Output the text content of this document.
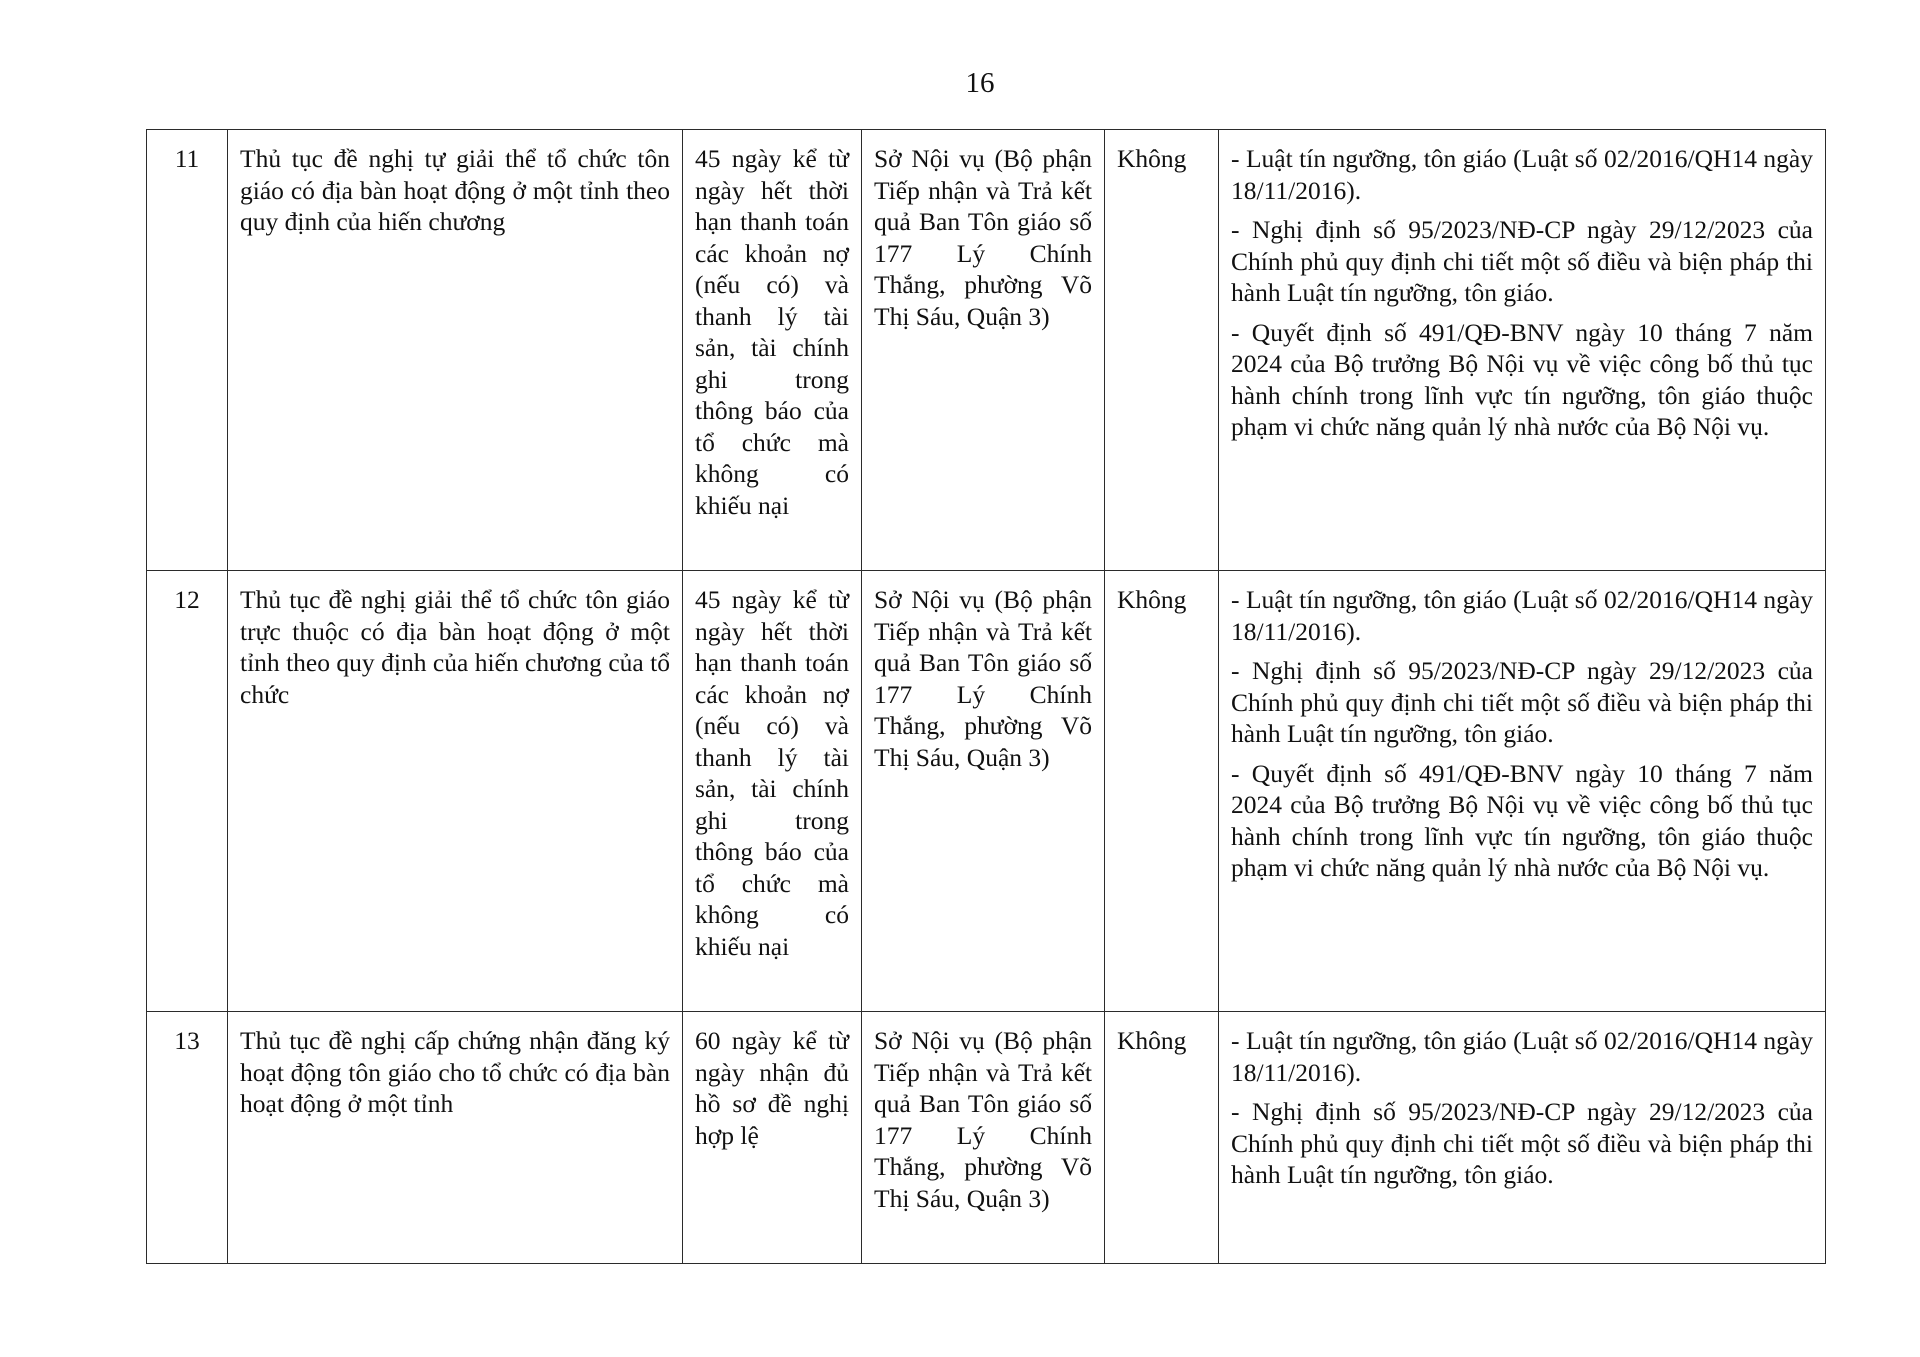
16
11	Thủ tục đề nghị tự giải thể tổ chức tôn giáo có địa bàn hoạt động ở một tỉnh theo quy định của hiến chương	45 ngày kể từ ngày hết thời hạn thanh toán các khoản nợ (nếu có) và thanh lý tài sản, tài chính ghi trong thông báo của tổ chức mà không có khiếu nại	Sở Nội vụ (Bộ phận Tiếp nhận và Trả kết quả Ban Tôn giáo số 177 Lý Chính Thắng, phường Võ Thị Sáu, Quận 3)	Không	- Luật tín ngưỡng, tôn giáo (Luật số 02/2016/QH14 ngày 18/11/2016).
- Nghị định số 95/2023/NĐ-CP ngày 29/12/2023 của Chính phủ quy định chi tiết một số điều và biện pháp thi hành Luật tín ngưỡng, tôn giáo.
- Quyết định số 491/QĐ-BNV ngày 10 tháng 7 năm 2024 của Bộ trưởng Bộ Nội vụ về việc công bố thủ tục hành chính trong lĩnh vực tín ngưỡng, tôn giáo thuộc phạm vi chức năng quản lý nhà nước của Bộ Nội vụ.

12	Thủ tục đề nghị giải thể tổ chức tôn giáo trực thuộc có địa bàn hoạt động ở một tỉnh theo quy định của hiến chương của tổ chức	45 ngày kể từ ngày hết thời hạn thanh toán các khoản nợ (nếu có) và thanh lý tài sản, tài chính ghi trong thông báo của tổ chức mà không có khiếu nại	Sở Nội vụ (Bộ phận Tiếp nhận và Trả kết quả Ban Tôn giáo số 177 Lý Chính Thắng, phường Võ Thị Sáu, Quận 3)	Không	- Luật tín ngưỡng, tôn giáo (Luật số 02/2016/QH14 ngày 18/11/2016).
- Nghị định số 95/2023/NĐ-CP ngày 29/12/2023 của Chính phủ quy định chi tiết một số điều và biện pháp thi hành Luật tín ngưỡng, tôn giáo.
- Quyết định số 491/QĐ-BNV ngày 10 tháng 7 năm 2024 của Bộ trưởng Bộ Nội vụ về việc công bố thủ tục hành chính trong lĩnh vực tín ngưỡng, tôn giáo thuộc phạm vi chức năng quản lý nhà nước của Bộ Nội vụ.

13	Thủ tục đề nghị cấp chứng nhận đăng ký hoạt động tôn giáo cho tổ chức có địa bàn hoạt động ở một tỉnh	60 ngày kể từ ngày nhận đủ hồ sơ đề nghị hợp lệ	Sở Nội vụ (Bộ phận Tiếp nhận và Trả kết quả Ban Tôn giáo số 177 Lý Chính Thắng, phường Võ Thị Sáu, Quận 3)	Không	- Luật tín ngưỡng, tôn giáo (Luật số 02/2016/QH14 ngày 18/11/2016).
- Nghị định số 95/2023/NĐ-CP ngày 29/12/2023 của Chính phủ quy định chi tiết một số điều và biện pháp thi hành Luật tín ngưỡng, tôn giáo.
